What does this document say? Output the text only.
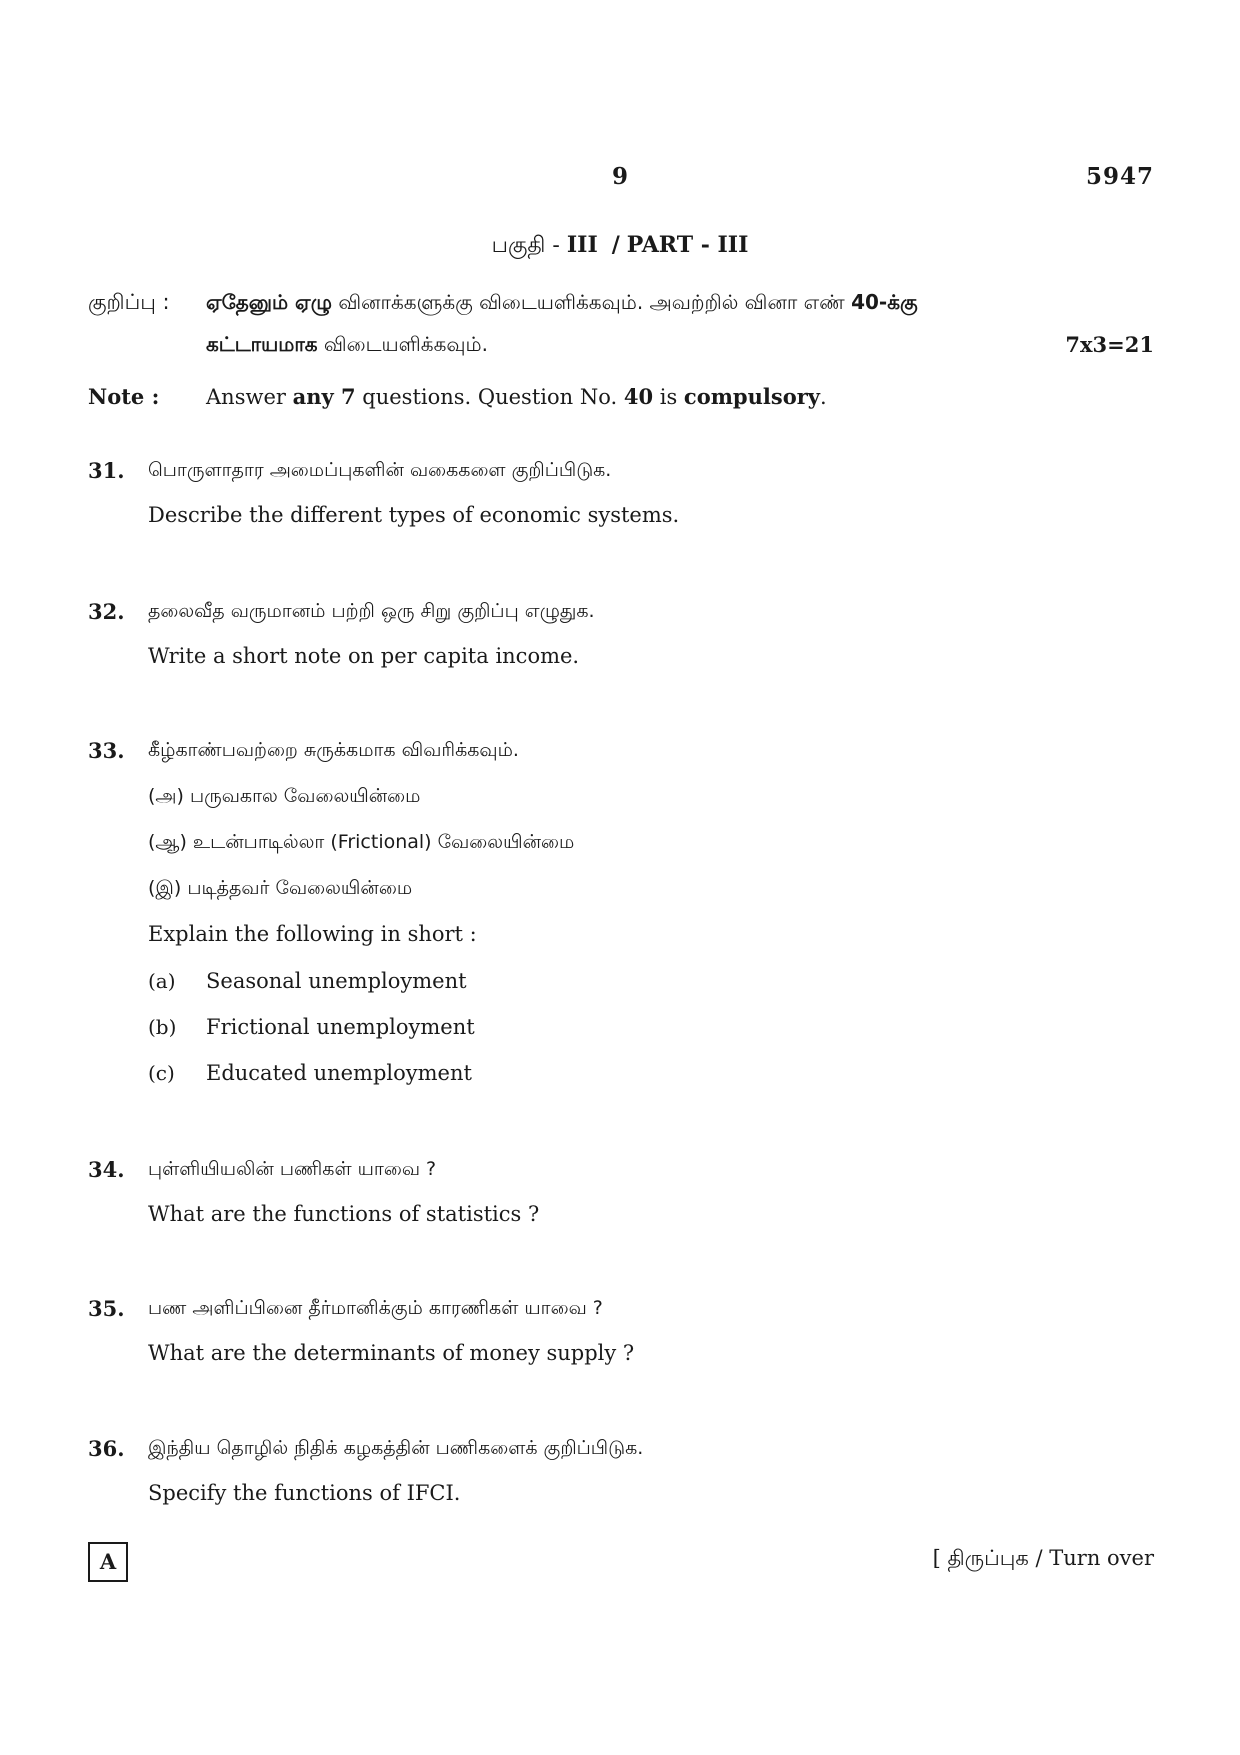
9	5947
பகுதி - III / PART - III
குறிப்பு : ஏதேனும் ஏழு வினாக்களுக்கு விடையளிக்கவும். அவற்றில் வினா எண் 40-க்கு
கட்டாயமாக விடையளிக்கவும்.	7x3=21
Note : Answer any 7 questions. Question No. 40 is compulsory.
31. பொருளாதார அமைப்புகளின் வகைகளை குறிப்பிடுக.
Describe the different types of economic systems.
32. தலைவீத வருமானம் பற்றி ஒரு சிறு குறிப்பு எழுதுக.
Write a short note on per capita income.
33. கீழ்காண்பவற்றை சுருக்கமாக விவரிக்கவும்.
(அ) பருவகால வேலையின்மை
(ஆ) உடன்பாடில்லா (Frictional) வேலையின்மை
(இ) படித்தவர் வேலையின்மை
Explain the following in short :
(a) Seasonal unemployment
(b) Frictional unemployment
(c) Educated unemployment
34. புள்ளியியலின் பணிகள் யாவை ?
What are the functions of statistics ?
35. பண அளிப்பினை தீர்மானிக்கும் காரணிகள் யாவை ?
What are the determinants of money supply ?
36. இந்திய தொழில் நிதிக் கழகத்தின் பணிகளைக் குறிப்பிடுக.
Specify the functions of IFCI.
A	[ திருப்புக / Turn over
